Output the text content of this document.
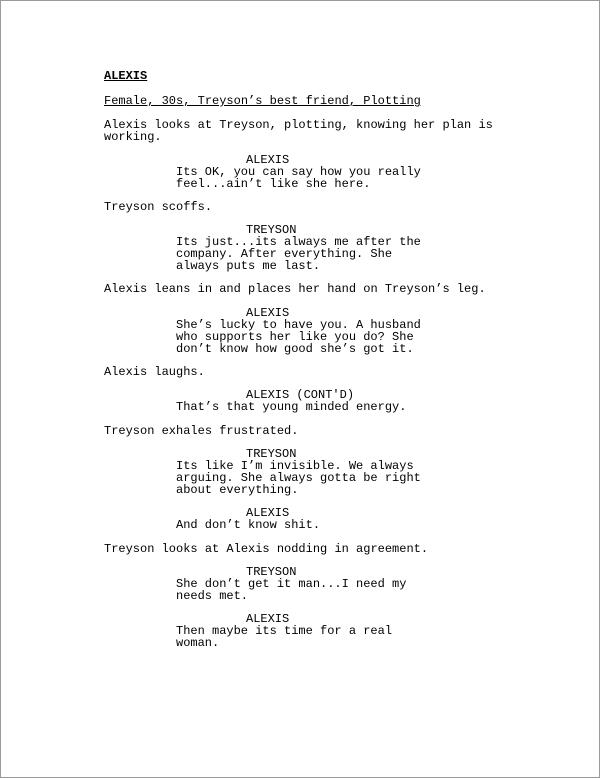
ALEXIS
Female, 30s, Treyson’s best friend, Plotting
Alexis looks at Treyson, plotting, knowing her plan is
working.
ALEXIS
Its OK, you can say how you really
feel...ain’t like she here.
Treyson scoffs.
TREYSON
Its just...its always me after the
company. After everything. She
always puts me last.
Alexis leans in and places her hand on Treyson’s leg.
ALEXIS
She’s lucky to have you. A husband
who supports her like you do? She
don’t know how good she’s got it.
Alexis laughs.
ALEXIS (CONT'D)
That’s that young minded energy.
Treyson exhales frustrated.
TREYSON
Its like I’m invisible. We always
arguing. She always gotta be right
about everything.
ALEXIS
And don’t know shit.
Treyson looks at Alexis nodding in agreement.
TREYSON
She don’t get it man...I need my
needs met.
ALEXIS
Then maybe its time for a real
woman.
